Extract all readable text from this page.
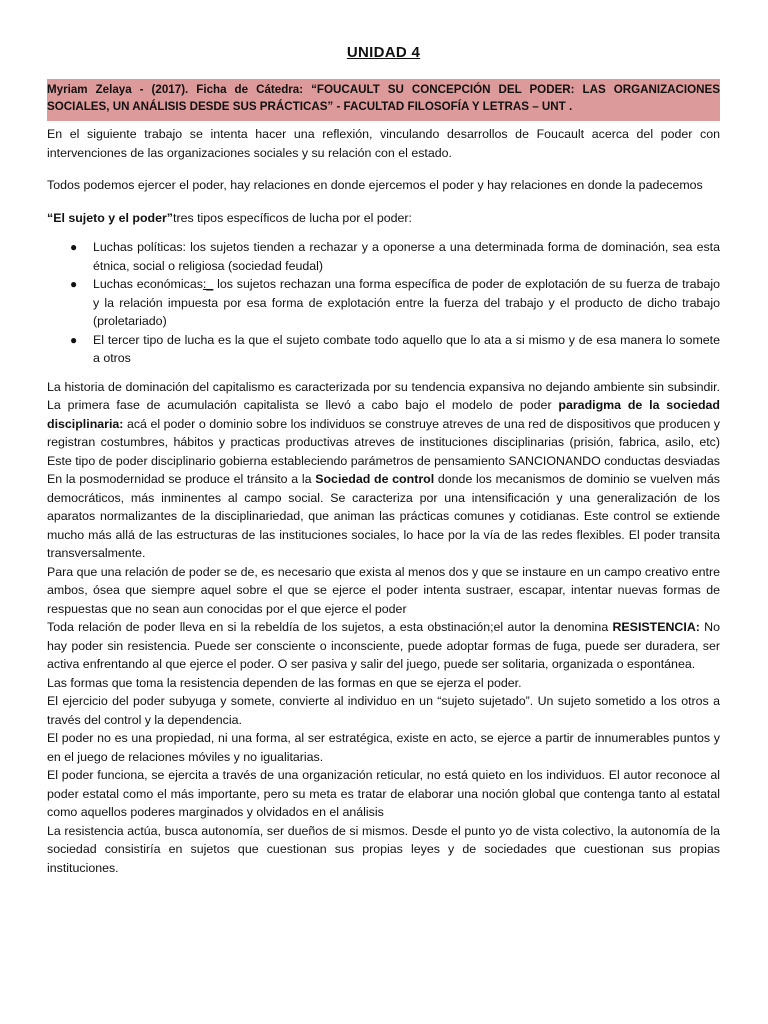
UNIDAD 4
Myriam Zelaya - (2017). Ficha de Cátedra: “FOUCAULT SU CONCEPCIÓN DEL PODER: LAS ORGANIZACIONES SOCIALES, UN ANÁLISIS DESDE SUS PRÁCTICAS” - FACULTAD FILOSOFÍA Y LETRAS – UNT .

En el siguiente trabajo se intenta hacer una reflexión, vinculando desarrollos de Foucault acerca del poder con intervenciones de las organizaciones sociales y su relación con el estado.

Todos podemos ejercer el poder, hay relaciones en donde ejercemos el poder y hay relaciones en donde la padecemos

“El sujeto y el poder”tres tipos específicos de lucha por el poder:

● Luchas políticas: los sujetos tienden a rechazar y a oponerse a una determinada forma de dominación, sea esta étnica, social o religiosa (sociedad feudal)
● Luchas económicas:_ los sujetos rechazan una forma específica de poder de explotación de su fuerza de trabajo y la relación impuesta por esa forma de explotación entre la fuerza del trabajo y el producto de dicho trabajo (proletariado)
● El tercer tipo de lucha es la que el sujeto combate todo aquello que lo ata a si mismo y de esa manera lo somete a otros

La historia de dominación del capitalismo es caracterizada por su tendencia expansiva no dejando ambiente sin subsindir. La primera fase de acumulación capitalista se llevó a cabo bajo el modelo de poder paradigma de la sociedad disciplinaria: acá el poder o dominio sobre los individuos se construye atreves de una red de dispositivos que producen y registran costumbres, hábitos y practicas productivas atreves de instituciones disciplinarias (prisión, fabrica, asilo, etc) Este tipo de poder disciplinario gobierna estableciendo parámetros de pensamiento SANCIONANDO conductas desviadas

En la posmodernidad se produce el tránsito a la Sociedad de control donde los mecanismos de dominio se vuelven más democráticos, más inminentes al campo social. Se caracteriza por una intensificación y una generalización de los aparatos normalizantes de la disciplinariedad, que animan las prácticas comunes y cotidianas. Este control se extiende mucho más allá de las estructuras de las instituciones sociales, lo hace por la vía de las redes flexibles. El poder transita transversalmente.

Para que una relación de poder se de, es necesario que exista al menos dos y que se instaure en un campo creativo entre ambos, ósea que siempre aquel sobre el que se ejerce el poder intenta sustraer, escapar, intentar nuevas formas de respuestas que no sean aun conocidas por el que ejerce el poder

Toda relación de poder lleva en si la rebeldía de los sujetos, a esta obstinación;el autor la denomina RESISTENCIA: No hay poder sin resistencia. Puede ser consciente o inconsciente, puede adoptar formas de fuga, puede ser duradera, ser activa enfrentando al que ejerce el poder. O ser pasiva y salir del juego, puede ser solitaria, organizada o espontánea.

Las formas que toma la resistencia dependen de las formas en que se ejerza el poder.

El ejercicio del poder subyuga y somete, convierte al individuo en un “sujeto sujetado”. Un sujeto sometido a los otros a través del control y la dependencia.

El poder no es una propiedad, ni una forma, al ser estratégica, existe en acto, se ejerce a partir de innumerables puntos y en el juego de relaciones móviles y no igualitarias.

El poder funciona, se ejercita a través de una organización reticular, no está quieto en los individuos. El autor reconoce al poder estatal como el más importante, pero su meta es tratar de elaborar una noción global que contenga tanto al estatal como aquellos poderes marginados y olvidados en el análisis

La resistencia actúa, busca autonomía, ser dueños de si mismos. Desde el punto yo de vista colectivo, la autonomía de la sociedad consistiría en sujetos que cuestionan sus propias leyes y de sociedades que cuestionan sus propias instituciones.
